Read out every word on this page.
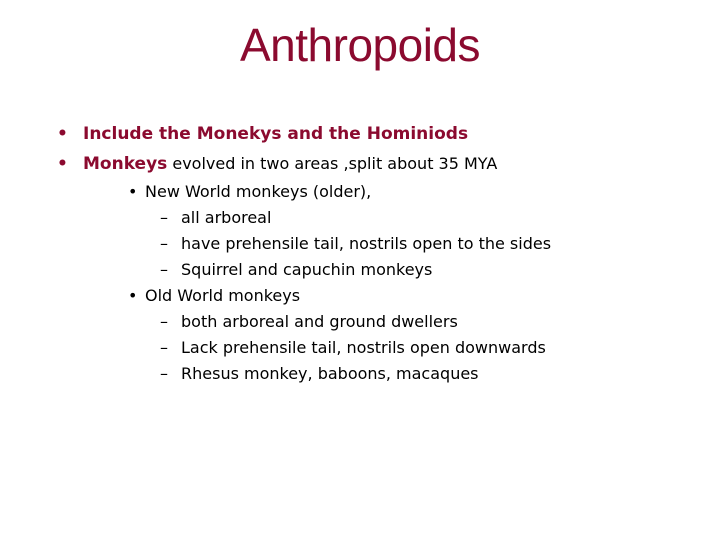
Anthropoids
• Include the Monekys and the Hominiods
• Monkeys evolved in two areas ,split about 35 MYA
• New World monkeys (older),
– all arboreal
– have prehensile tail, nostrils open to the sides
– Squirrel and capuchin monkeys
• Old World monkeys
– both arboreal and ground dwellers
– Lack prehensile tail, nostrils open downwards
– Rhesus monkey, baboons, macaques
